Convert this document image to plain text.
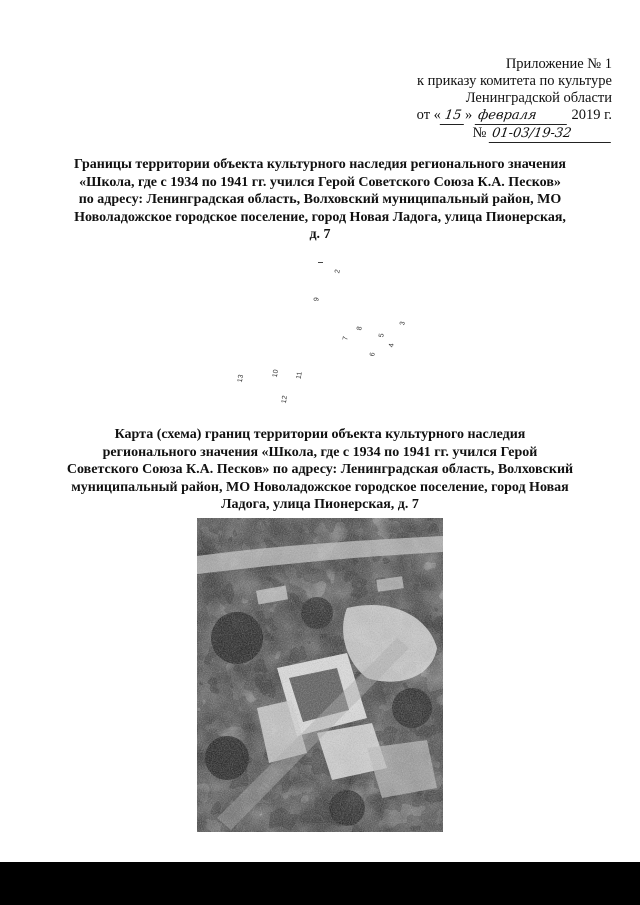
Приложение № 1
к приказу комитета по культуре
Ленинградской области
от « 15 » февраля 2019 г.
№ 01-03/19-32
Границы территории объекта культурного наследия регионального значения
«Школа, где с 1934 по 1941 гг. учился Герой Советского Союза К.А. Песков»
по адресу: Ленинградская область, Волховский муниципальный район, МО
Новоладожское городское поселение, город Новая Ладога, улица Пионерская,
д. 7
2
9
3
8
5
7
4
6
13
10 11
12
Карта (схема) границ территории объекта культурного наследия
регионального значения «Школа, где с 1934 по 1941 гг. учился Герой
Советского Союза К.А. Песков» по адресу: Ленинградская область, Волховский
муниципальный район, МО Новоладожское городское поселение, город Новая
Ладога, улица Пионерская, д. 7
